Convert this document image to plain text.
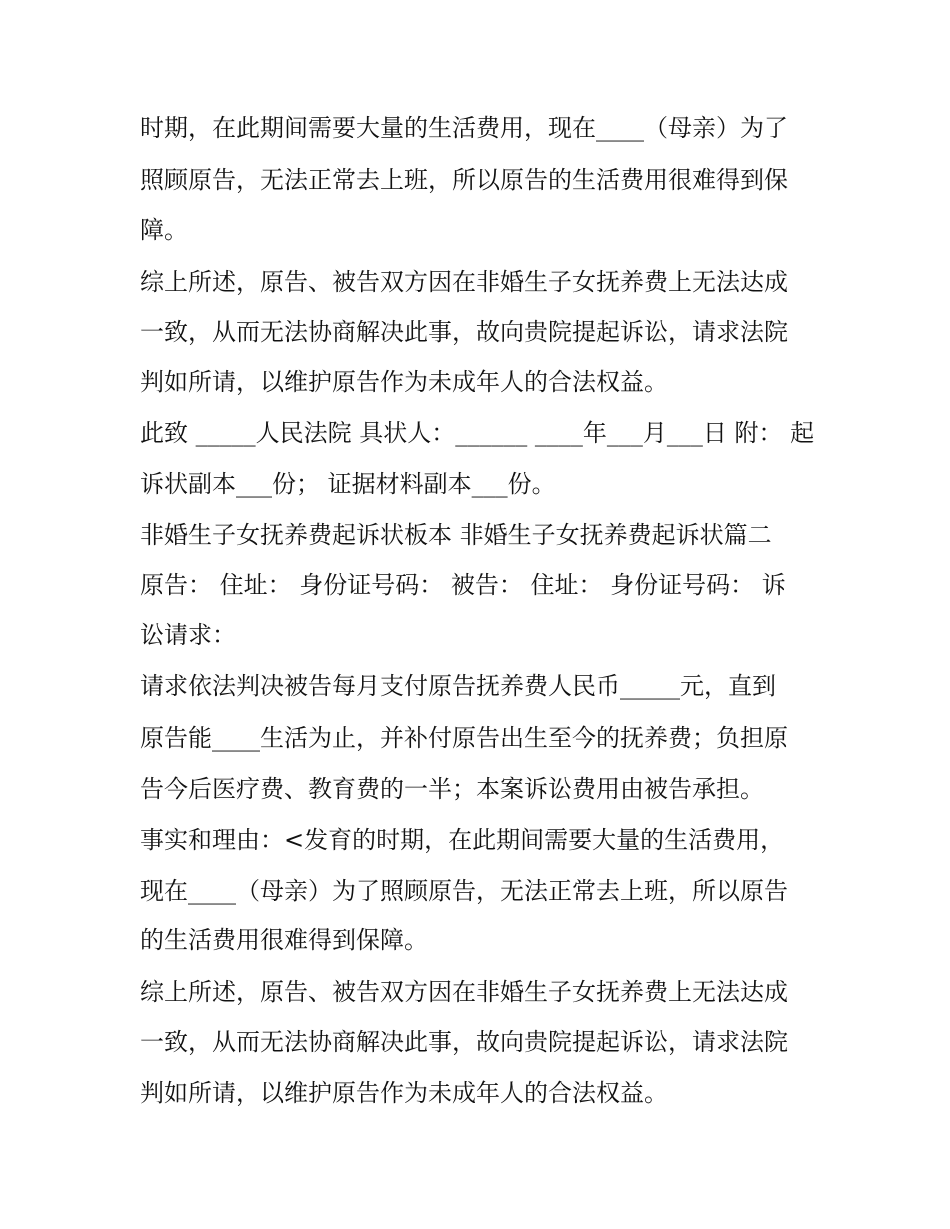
时期，在此期间需要大量的生活费用，现在____（母亲）为了
照顾原告，无法正常去上班，所以原告的生活费用很难得到保
障。
综上所述，原告、被告双方因在非婚生子女抚养费上无法达成
一致，从而无法协商解决此事，故向贵院提起诉讼，请求法院
判如所请，以维护原告作为未成年人的合法权益。
此致 _____人民法院 具状人：______ ____年___月___日 附： 起
诉状副本___份； 证据材料副本___份。
非婚生子女抚养费起诉状板本 非婚生子女抚养费起诉状篇二
原告： 住址： 身份证号码： 被告： 住址： 身份证号码： 诉
讼请求：
请求依法判决被告每月支付原告抚养费人民币_____元，直到
原告能____生活为止，并补付原告出生至今的抚养费；负担原
告今后医疗费、教育费的一半；本案诉讼费用由被告承担。
事实和理由：<发育的时期，在此期间需要大量的生活费用，
现在____（母亲）为了照顾原告，无法正常去上班，所以原告
的生活费用很难得到保障。
综上所述，原告、被告双方因在非婚生子女抚养费上无法达成
一致，从而无法协商解决此事，故向贵院提起诉讼，请求法院
判如所请，以维护原告作为未成年人的合法权益。
